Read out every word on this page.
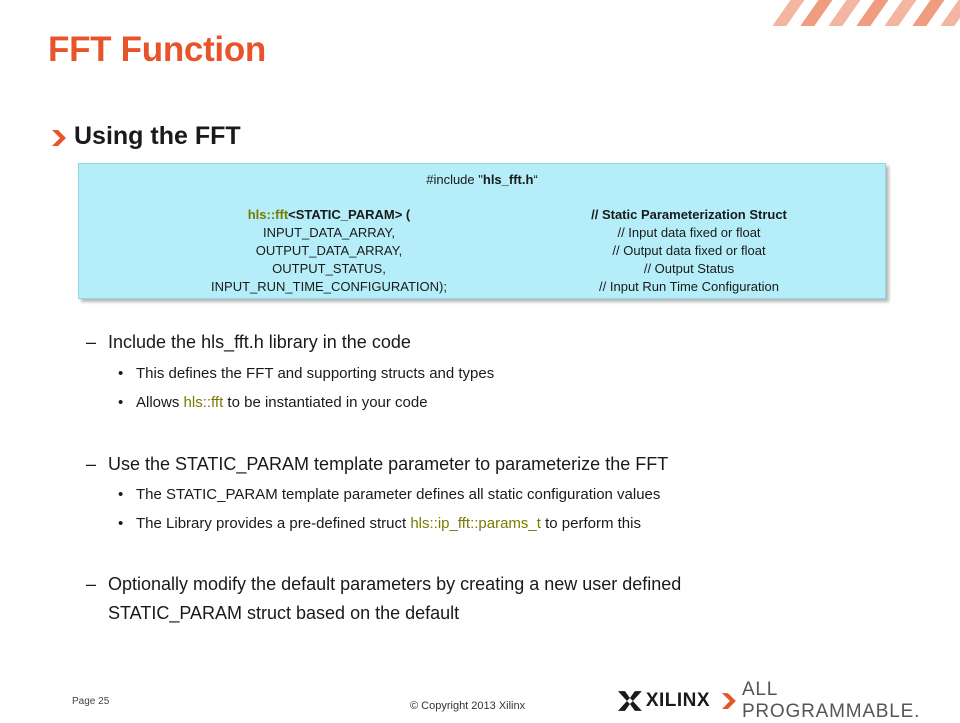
FFT Function
Using the FFT
#include "hls_fft.h“
hls::fft<STATIC_PARAM> (
INPUT_DATA_ARRAY,
OUTPUT_DATA_ARRAY,
OUTPUT_STATUS,
INPUT_RUN_TIME_CONFIGURATION);
// Static Parameterization Struct
// Input data fixed or float
// Output data fixed or float
// Output Status
// Input Run Time Configuration
– Include the hls_fft.h library in the code
• This defines the FFT and supporting structs and types
• Allows hls::fft to be instantiated in your code
– Use the STATIC_PARAM template parameter to parameterize the FFT
• The STATIC_PARAM template parameter defines all static configuration values
• The Library provides a pre-defined struct hls::ip_fft::params_t to perform this
– Optionally modify the default parameters by creating a new user defined
STATIC_PARAM struct based on the default
Page 25	© Copyright 2013 Xilinx	XILINX
ALL PROGRAMMABLE.
